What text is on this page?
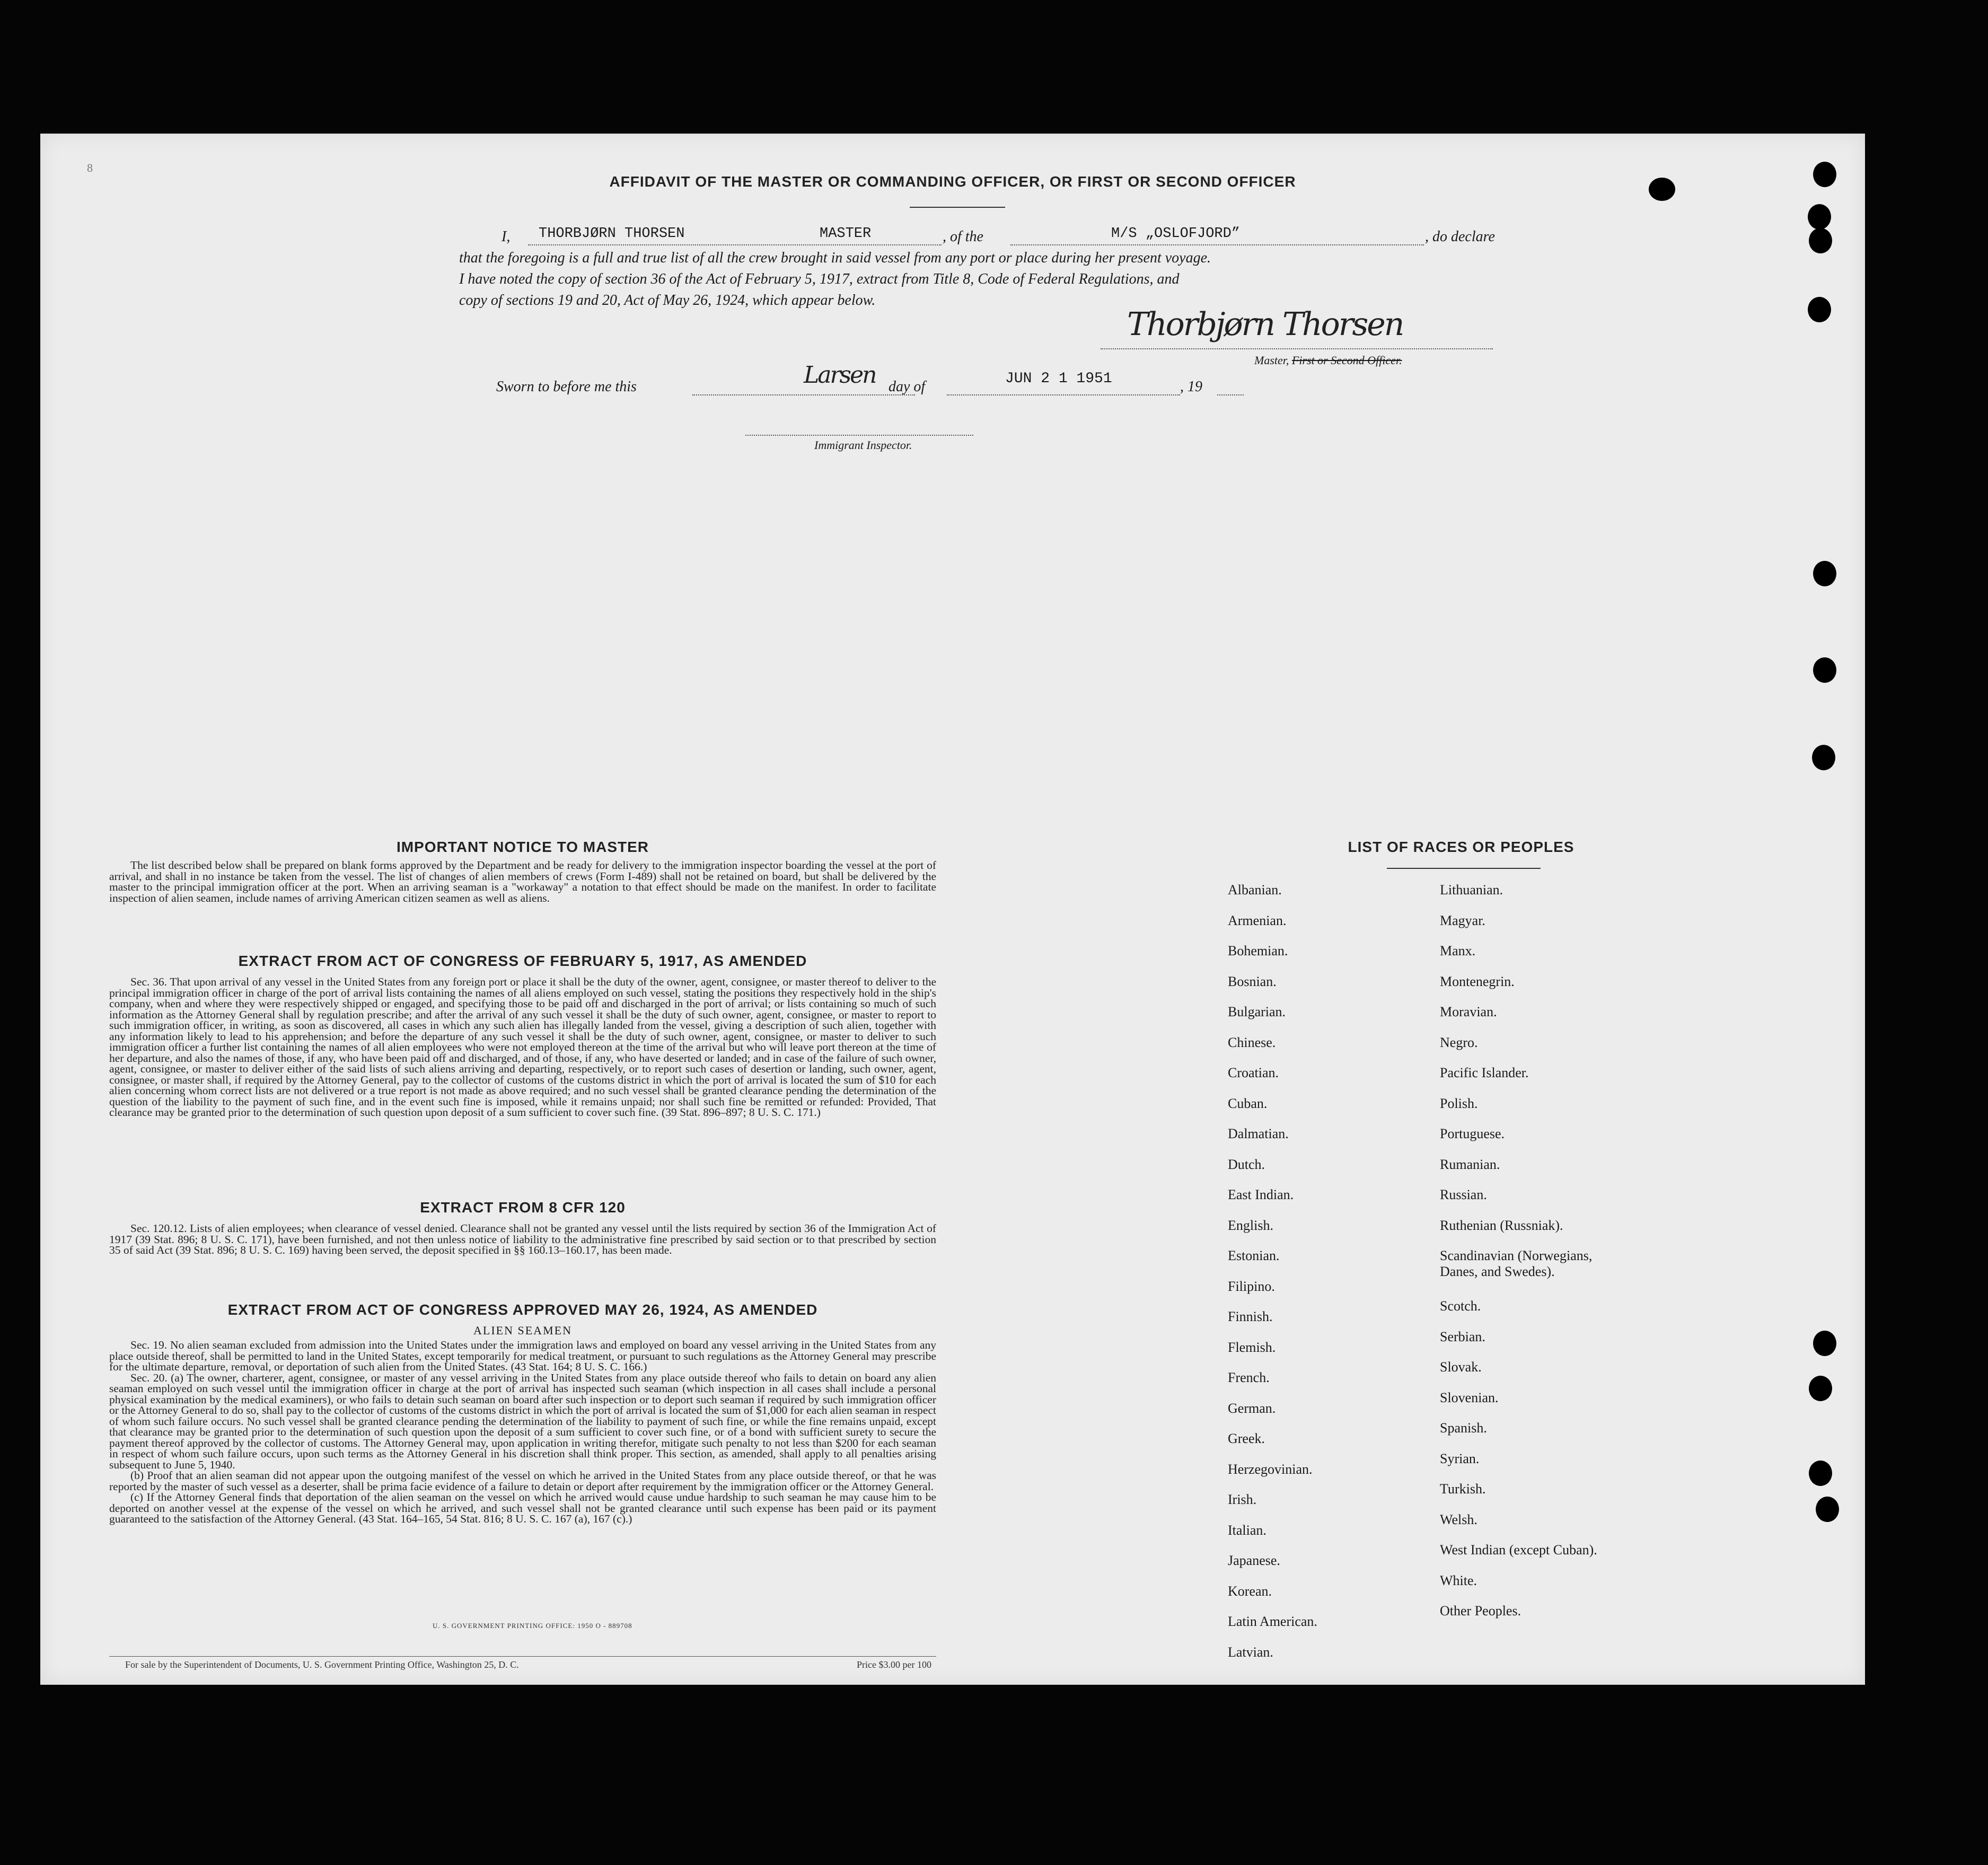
8
AFFIDAVIT OF THE MASTER OR COMMANDING OFFICER, OR FIRST OR SECOND OFFICER
I, THORBJØRN THORSEN	MASTER	, of the	M/S „OSLOFJORD”	, do declare
that the foregoing is a full and true list of all the crew brought in said vessel from any port or place during her present voyage.
I have noted the copy of section 36 of the Act of February 5, 1917, extract from Title 8, Code of Federal Regulations, and
copy of sections 19 and 20, Act of May 26, 1924, which appear below.
Thorbjørn Thorsen
Master, First or Second Officer.
Sworn to before me this	Larsen day of	JUN 2 1 1951	, 19
Immigrant Inspector.
IMPORTANT NOTICE TO MASTER

The list described below shall be prepared on blank forms approved by the Department and be ready for delivery to the immigration inspector boarding the vessel at the port of arrival, and shall in no instance be taken from the vessel. The list of changes of alien members of crews (Form I-489) shall not be retained on board, but shall be delivered by the master to the principal immigration officer at the port. When an arriving seaman is a "workaway" a notation to that effect should be made on the manifest. In order to facilitate inspection of alien seamen, include names of arriving American citizen seamen as well as aliens.

EXTRACT FROM ACT OF CONGRESS OF FEBRUARY 5, 1917, AS AMENDED

Sec. 36. That upon arrival of any vessel in the United States from any foreign port or place it shall be the duty of the owner, agent, consignee, or master thereof to deliver to the principal immigration officer in charge of the port of arrival lists containing the names of all aliens employed on such vessel, stating the positions they respectively hold in the ship's company, when and where they were respectively shipped or engaged, and specifying those to be paid off and discharged in the port of arrival; or lists containing so much of such information as the Attorney General shall by regulation prescribe; and after the arrival of any such vessel it shall be the duty of such owner, agent, consignee, or master to report to such immigration officer, in writing, as soon as discovered, all cases in which any such alien has illegally landed from the vessel, giving a description of such alien, together with any information likely to lead to his apprehension; and before the departure of any such vessel it shall be the duty of such owner, agent, consignee, or master to deliver to such immigration officer a further list containing the names of all alien employees who were not employed thereon at the time of the arrival but who will leave port thereon at the time of her departure, and also the names of those, if any, who have been paid off and discharged, and of those, if any, who have deserted or landed; and in case of the failure of such owner, agent, consignee, or master to deliver either of the said lists of such aliens arriving and departing, respectively, or to report such cases of desertion or landing, such owner, agent, consignee, or master shall, if required by the Attorney General, pay to the collector of customs of the customs district in which the port of arrival is located the sum of $10 for each alien concerning whom correct lists are not delivered or a true report is not made as above required; and no such vessel shall be granted clearance pending the determination of the question of the liability to the payment of such fine, and in the event such fine is imposed, while it remains unpaid; nor shall such fine be remitted or refunded: Provided, That clearance may be granted prior to the determination of such question upon deposit of a sum sufficient to cover such fine. (39 Stat. 896–897; 8 U. S. C. 171.)

EXTRACT FROM 8 CFR 120

Sec. 120.12. Lists of alien employees; when clearance of vessel denied. Clearance shall not be granted any vessel until the lists required by section 36 of the Immigration Act of 1917 (39 Stat. 896; 8 U. S. C. 171), have been furnished, and not then unless notice of liability to the administrative fine prescribed by said section or to that prescribed by section 35 of said Act (39 Stat. 896; 8 U. S. C. 169) having been served, the deposit specified in §§ 160.13–160.17, has been made.

EXTRACT FROM ACT OF CONGRESS APPROVED MAY 26, 1924, AS AMENDED
ALIEN SEAMEN

Sec. 19. No alien seaman excluded from admission into the United States under the immigration laws and employed on board any vessel arriving in the United States from any place outside thereof, shall be permitted to land in the United States, except temporarily for medical treatment, or pursuant to such regulations as the Attorney General may prescribe for the ultimate departure, removal, or deportation of such alien from the United States. (43 Stat. 164; 8 U. S. C. 166.)

Sec. 20. (a) The owner, charterer, agent, consignee, or master of any vessel arriving in the United States from any place outside thereof who fails to detain on board any alien seaman employed on such vessel until the immigration officer in charge at the port of arrival has inspected such seaman (which inspection in all cases shall include a personal physical examination by the medical examiners), or who fails to detain such seaman on board after such inspection or to deport such seaman if required by such immigration officer or the Attorney General to do so, shall pay to the collector of customs of the customs district in which the port of arrival is located the sum of $1,000 for each alien seaman in respect of whom such failure occurs. No such vessel shall be granted clearance pending the determination of the liability to payment of such fine, or while the fine remains unpaid, except that clearance may be granted prior to the determination of such question upon the deposit of a sum sufficient to cover such fine, or of a bond with sufficient surety to secure the payment thereof approved by the collector of customs. The Attorney General may, upon application in writing therefor, mitigate such penalty to not less than $200 for each seaman in respect of whom such failure occurs, upon such terms as the Attorney General in his discretion shall think proper. This section, as amended, shall apply to all penalties arising subsequent to June 5, 1940.

(b) Proof that an alien seaman did not appear upon the outgoing manifest of the vessel on which he arrived in the United States from any place outside thereof, or that he was reported by the master of such vessel as a deserter, shall be prima facie evidence of a failure to detain or deport after requirement by the immigration officer or the Attorney General.

(c) If the Attorney General finds that deportation of the alien seaman on the vessel on which he arrived would cause undue hardship to such seaman he may cause him to be deported on another vessel at the expense of the vessel on which he arrived, and such vessel shall not be granted clearance until such expense has been paid or its payment guaranteed to the satisfaction of the Attorney General. (43 Stat. 164–165, 54 Stat. 816; 8 U. S. C. 167 (a), 167 (c).)

U. S. GOVERNMENT PRINTING OFFICE: 1950 O - 889708
For sale by the Superintendent of Documents, U. S. Government Printing Office, Washington 25, D. C.	Price $3.00 per 100
LIST OF RACES OR PEOPLES
Albanian.
Armenian.
Bohemian.
Bosnian.
Bulgarian.
Chinese.
Croatian.
Cuban.
Dalmatian.
Dutch.
East Indian.
English.
Estonian.
Filipino.
Finnish.
Flemish.
French.
German.
Greek.
Herzegovinian.
Irish.
Italian.
Japanese.
Korean.
Latin American.
Latvian.
Lithuanian.
Magyar.
Manx.
Montenegrin.
Moravian.
Negro.
Pacific Islander.
Polish.
Portuguese.
Rumanian.
Russian.
Ruthenian (Russniak).
Scandinavian (Norwegians,
Danes, and Swedes).
Scotch.
Serbian.
Slovak.
Slovenian.
Spanish.
Syrian.
Turkish.
Welsh.
West Indian (except Cuban).
White.
Other Peoples.
